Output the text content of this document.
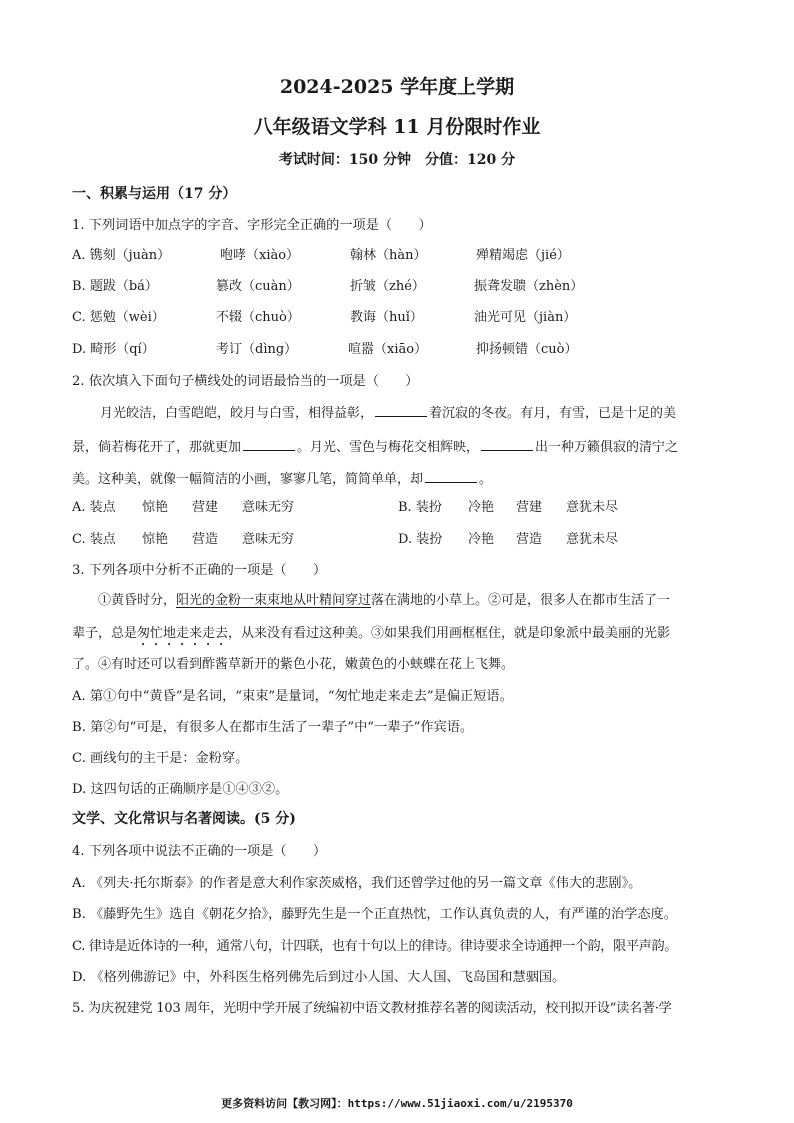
2024-2025 学年度上学期
八年级语文学科 11 月份限时作业
考试时间：150 分钟　分值：120 分
一、积累与运用（17 分）
1. 下列词语中加点字的字音、字形完全正确的一项是（　　）
A. 镌刻（juàn）	咆哮（xiào）	翰林（hàn）	殚精竭虑（jié）
B. 题跋（bá）	篡改（cuàn）	折皱（zhé）	振聋发聩（zhèn）
C. 惩勉（wèi）	不辍（chuò）	教诲（huǐ）	油光可见（jiàn）
D. 畸形（qí）	考订（dìng）	喧嚣（xiāo）	抑扬顿错（cuò）
2. 依次填入下面句子横线处的词语最恰当的一项是（　　）
月光皎洁，白雪皑皑，皎月与白雪，相得益彰，	着沉寂的冬夜。有月，有雪，已是十足的美
景，倘若梅花开了，那就更加	。月光、雪色与梅花交相辉映，	出一种万籁俱寂的清宁之
美。这种美，就像一幅简洁的小画，寥寥几笔，简简单单，却	。
A. 装点 惊艳 营建 意味无穷	B. 装扮 冷艳 营建 意犹未尽
C. 装点 惊艳 营造 意味无穷	D. 装扮 冷艳 营造 意犹未尽
3. 下列各项中分析不正确的一项是（　　）
①黄昏时分，阳光的金粉一束束地从叶精间穿过落在满地的小草上。②可是，很多人在都市生活了一
辈子，总是匆忙地走来走去，从来没有看过这种美。③如果我们用画框框住，就是印象派中最美丽的光影
了。④有时还可以看到酢酱草新开的紫色小花，嫩黄色的小蛱蝶在花上飞舞。
A. 第①句中“黄昏”是名词，“束束”是量词，“匆忙地走来走去”是偏正短语。
B. 第②句“可是，有很多人在都市生活了一辈子”中“一辈子”作宾语。
C. 画线句的主干是：金粉穿。
D. 这四句话的正确顺序是①④③②。
文学、文化常识与名著阅读。(5 分)
4. 下列各项中说法不正确的一项是（　　）
A. 《列夫·托尔斯泰》的作者是意大利作家茨威格，我们还曾学过他的另一篇文章《伟大的悲剧》。
B. 《藤野先生》选自《朝花夕拾》，藤野先生是一个正直热忱，工作认真负责的人，有严谨的治学态度。
C. 律诗是近体诗的一种，通常八句，计四联，也有十句以上的律诗。律诗要求全诗通押一个韵，限平声韵。
D. 《格列佛游记》中，外科医生格列佛先后到过小人国、大人国、飞岛国和慧骃国。
5. 为庆祝建党 103 周年，光明中学开展了统编初中语文教材推荐名著的阅读活动，校刊拟开设“读名著·学
更多资料访问【教习网】：https://www.51jiaoxi.com/u/2195370
